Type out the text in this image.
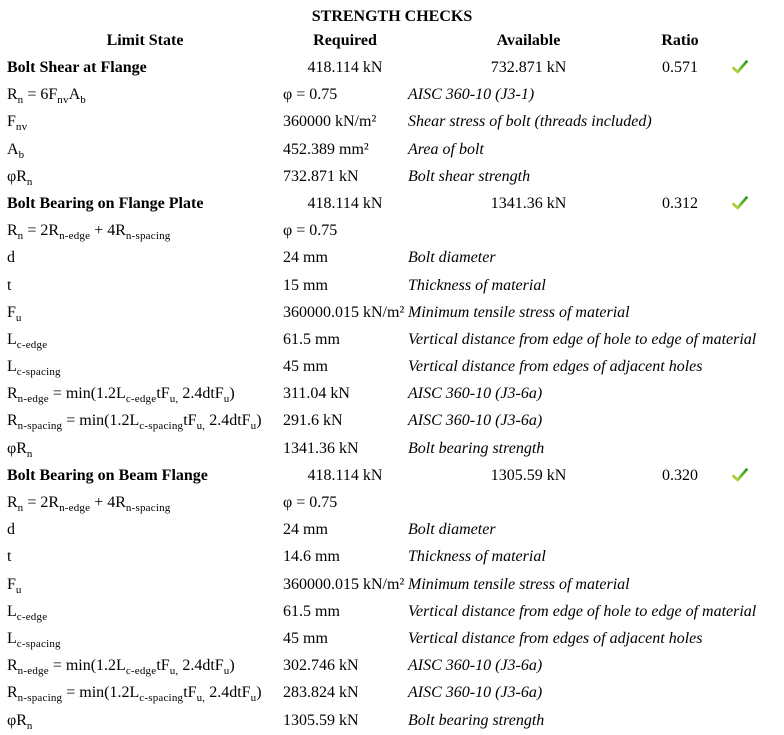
STRENGTH CHECKS
Limit State	Required	Available	Ratio
Bolt Shear at Flange	418.114 kN	732.871 kN	0.571
$R_n = 6F_{nv}A_b$	φ = 0.75	AISC 360-10 (J3-1)
$F_{nv}$	360000 kN/m²	Shear stress of bolt (threads included)
$A_b$	452.389 mm²	Area of bolt
$\varphi R_n$	732.871 kN	Bolt shear strength
Bolt Bearing on Flange Plate	418.114 kN	1341.36 kN	0.312
$R_n = 2R_{n-edge} + 4R_{n-spacing}$	φ = 0.75
d	24 mm	Bolt diameter
t	15 mm	Thickness of material
$F_u$	360000.015 kN/m² Minimum tensile stress of material
$L_{c-edge}$	61.5 mm	Vertical distance from edge of hole to edge of material
$L_{c-spacing}$	45 mm	Vertical distance from edges of adjacent holes
$R_{n-edge} = \min(1.2L_{c-edge}tF_{u,}$ 2.4dtF$_u$)	311.04 kN	AISC 360-10 (J3-6a)
$R_{n-spacing} = \min(1.2L_{c-spacing}tF_{u,}$ 2.4dtF$_u$)	291.6 kN	AISC 360-10 (J3-6a)
$\varphi R_n$	1341.36 kN	Bolt bearing strength
Bolt Bearing on Beam Flange	418.114 kN	1305.59 kN	0.320
$R_n = 2R_{n-edge} + 4R_{n-spacing}$	φ = 0.75
d	24 mm	Bolt diameter
t	14.6 mm	Thickness of material
$F_u$	360000.015 kN/m² Minimum tensile stress of material
$L_{c-edge}$	61.5 mm	Vertical distance from edge of hole to edge of material
$L_{c-spacing}$	45 mm	Vertical distance from edges of adjacent holes
$R_{n-edge} = \min(1.2L_{c-edge}tF_{u,}$ 2.4dtF$_u$)	302.746 kN	AISC 360-10 (J3-6a)
$R_{n-spacing} = \min(1.2L_{c-spacing}tF_{u,}$ 2.4dtF$_u$)	283.824 kN	AISC 360-10 (J3-6a)
$\varphi R_n$	1305.59 kN	Bolt bearing strength
